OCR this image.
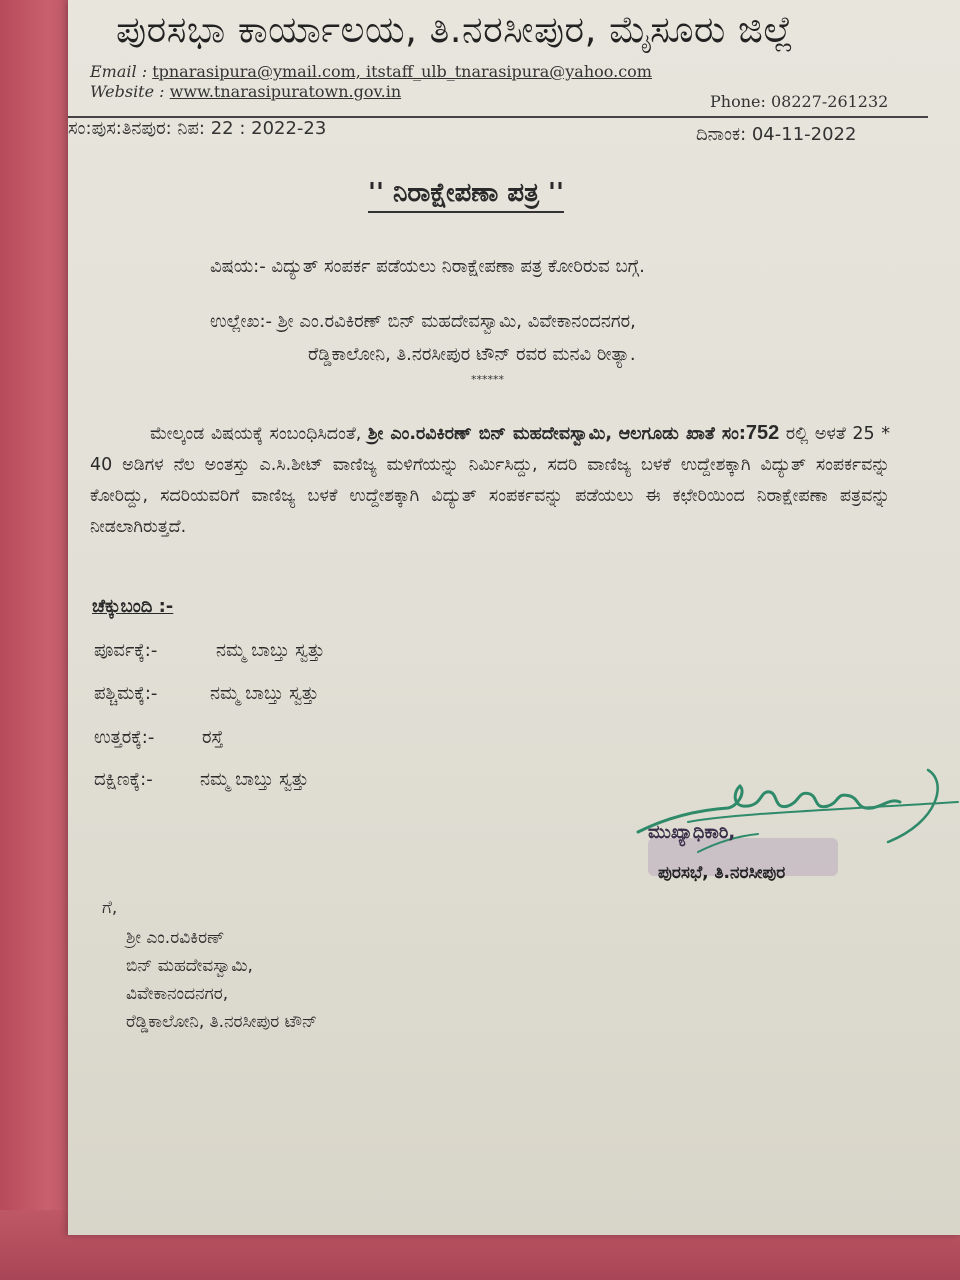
ಪುರಸಭಾ ಕಾರ್ಯಾಲಯ, ತಿ.ನರಸೀಪುರ, ಮೈಸೂರು ಜಿಲ್ಲೆ
Email : tpnarasipura@ymail.com, itstaff_ulb_tnarasipura@yahoo.com
Website : www.tnarasipuratown.gov.in
Phone: 08227-261232
ಸಂ:ಪುಸ:ತಿನಪುರ: ನಿಪ: 22 : 2022-23	ದಿನಾಂಕ: 04-11-2022
'' ನಿರಾಕ್ಷೇಪಣಾ ಪತ್ರ ''
ವಿಷಯ:- ವಿದ್ಯುತ್ ಸಂಪರ್ಕ ಪಡೆಯಲು ನಿರಾಕ್ಷೇಪಣಾ ಪತ್ರ ಕೋರಿರುವ ಬಗ್ಗೆ.
ಉಲ್ಲೇಖ:- ಶ್ರೀ ಎಂ.ರವಿಕಿರಣ್ ಬಿನ್ ಮಹದೇವಸ್ವಾಮಿ, ವಿವೇಕಾನಂದನಗರ,
ರೆಡ್ಡಿಕಾಲೋನಿ, ತಿ.ನರಸೀಪುರ ಟೌನ್ ರವರ ಮನವಿ ರೀತ್ಯಾ.
******
ಮೇಲ್ಕಂಡ ವಿಷಯಕ್ಕೆ ಸಂಬಂಧಿಸಿದಂತೆ, ಶ್ರೀ ಎಂ.ರವಿಕಿರಣ್ ಬಿನ್ ಮಹದೇವಸ್ವಾಮಿ, ಆಲಗೂಡು ಖಾತೆ ಸಂ:752 ರಲ್ಲಿ ಅಳತೆ 25 * 40 ಅಡಿಗಳ ನೆಲ ಅಂತಸ್ತು ಎ.ಸಿ.ಶೀಟ್ ವಾಣಿಜ್ಯ ಮಳಿಗೆಯನ್ನು ನಿರ್ಮಿಸಿದ್ದು, ಸದರಿ ವಾಣಿಜ್ಯ ಬಳಕೆ ಉದ್ದೇಶಕ್ಕಾಗಿ ವಿದ್ಯುತ್ ಸಂಪರ್ಕವನ್ನು ಕೋರಿದ್ದು, ಸದರಿಯವರಿಗೆ ವಾಣಿಜ್ಯ ಬಳಕೆ ಉದ್ದೇಶಕ್ಕಾಗಿ ವಿದ್ಯುತ್ ಸಂಪರ್ಕವನ್ನು ಪಡೆಯಲು ಈ ಕಛೇರಿಯಿಂದ ನಿರಾಕ್ಷೇಪಣಾ ಪತ್ರವನ್ನು ನೀಡಲಾಗಿರುತ್ತದೆ.
ಚೆಕ್ಕುಬಂದಿ :-
ಪೂರ್ವಕ್ಕೆ:-	ನಮ್ಮ ಬಾಬ್ತು ಸ್ವತ್ತು
ಪಶ್ಚಿಮಕ್ಕೆ:-	ನಮ್ಮ ಬಾಬ್ತು ಸ್ವತ್ತು
ಉತ್ತರಕ್ಕೆ:-	ರಸ್ತೆ
ದಕ್ಷಿಣಕ್ಕೆ:-	ನಮ್ಮ ಬಾಬ್ತು ಸ್ವತ್ತು
ಮುಖ್ಯಾಧಿಕಾರಿ,
ಪುರಸಭೆ, ತಿ.ನರಸೀಪುರ
ಗೆ,
ಶ್ರೀ ಎಂ.ರವಿಕಿರಣ್
ಬಿನ್ ಮಹದೇವಸ್ವಾಮಿ,
ವಿವೇಕಾನಂದನಗರ,
ರೆಡ್ಡಿಕಾಲೋನಿ, ತಿ.ನರಸೀಪುರ ಟೌನ್
